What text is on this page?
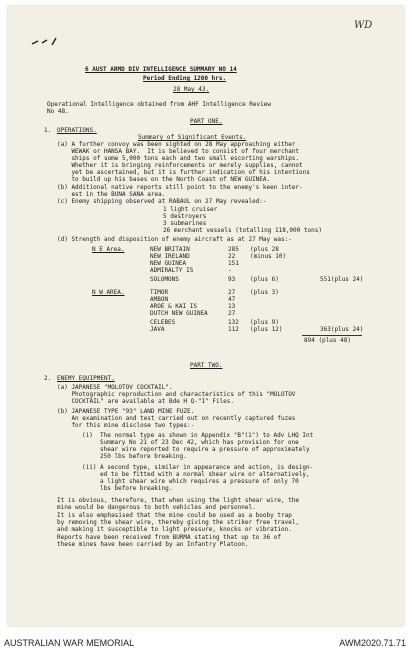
WD
6 AUST ARMD DIV INTELLIGENCE SUMMARY NO 14
Period Ending 1200 hrs.
28 May 43.
Operational Intelligence obtained from AHF Intelligence Review
No 48.
PART ONE.
1. OPERATIONS.
Summary of Significant Events.
(a) A further convoy was been sighted on 28 May approaching either
WEWAK or HANSA BAY.  It is believed to consist of four merchant
ships of some 5,000 tons each and two small escorting warships.
Whether it is bringing reinforcements or merely supplies, cannot
yet be ascertained, but it is further indication of his intentions
to build up his bases on the North Coast of NEW GUINEA.
(b) Additional native reports still point to the enemy's keen inter-
est in the BUNA SANA area.
(c) Enemy shipping observed at RABAUL on 27 May revealed:-
1 light cruiser
5 destroyers
3 submarines
26 merchant vessels (totalling 118,000 tons)
(d) Strength and disposition of enemy aircraft as at 27 May was:-
N E Area.	NEW BRITAIN	285 (plus 28
NEW IRELAND	22 (minus 10)
NEW GUINEA	151
ADMIRALTY IS	-
SOLOMONS	93 (plus 6)	551(plus 24)
N W AREA.	TIMOR	27 (plus 3)
AMBON	47
AROE & KAI IS	13
DUTCH NEW GUINEA	27
CELEBES	132 (plus 9)
JAVA	112 (plus 12)	363(plus 24)
894 (plus 48)
PART TWO.
2. ENEMY EQUIPMENT.
(a) JAPANESE "MOLOTOV COCKTAIL".
Photographic reproduction and characteristics of this "MOLOTOV
COCKTAIL" are available at Bde H Q-"I" Files.
(b) JAPANESE TYPE "93" LAND MINE FUZE.
An examination and test carried out on recently captured fuzes
for this mine disclose two types:-
(i)  The normal type as shown in Appendix "B"(1") to Adv LHQ Int
Summary No 21 of 23 Dec 42, which has provision for one
shear wire reported to require a pressure of approximately
250 lbs before breaking.
(ii) A second type, similar in appearance and action, is design-
ed to be fitted with a normal shear wire or alternatively,
a light shear wire which requires a pressure of only 70
lbs before breaking.
It is obvious, therefore, that when using the light shear wire, the
mine would be dangerous to both vehicles and personnel.
It is also emphasised that the mine could be used as a booby trap
by removing the shear wire, thereby giving the striker free travel,
and making it susceptible to light pressure, knocks or vibration.
Reports have been received from BURMA stating that up to 36 of
these mines have been carried by an Infantry Platoon.
AUSTRALIAN WAR MEMORIAL	AWM2020.71.71
